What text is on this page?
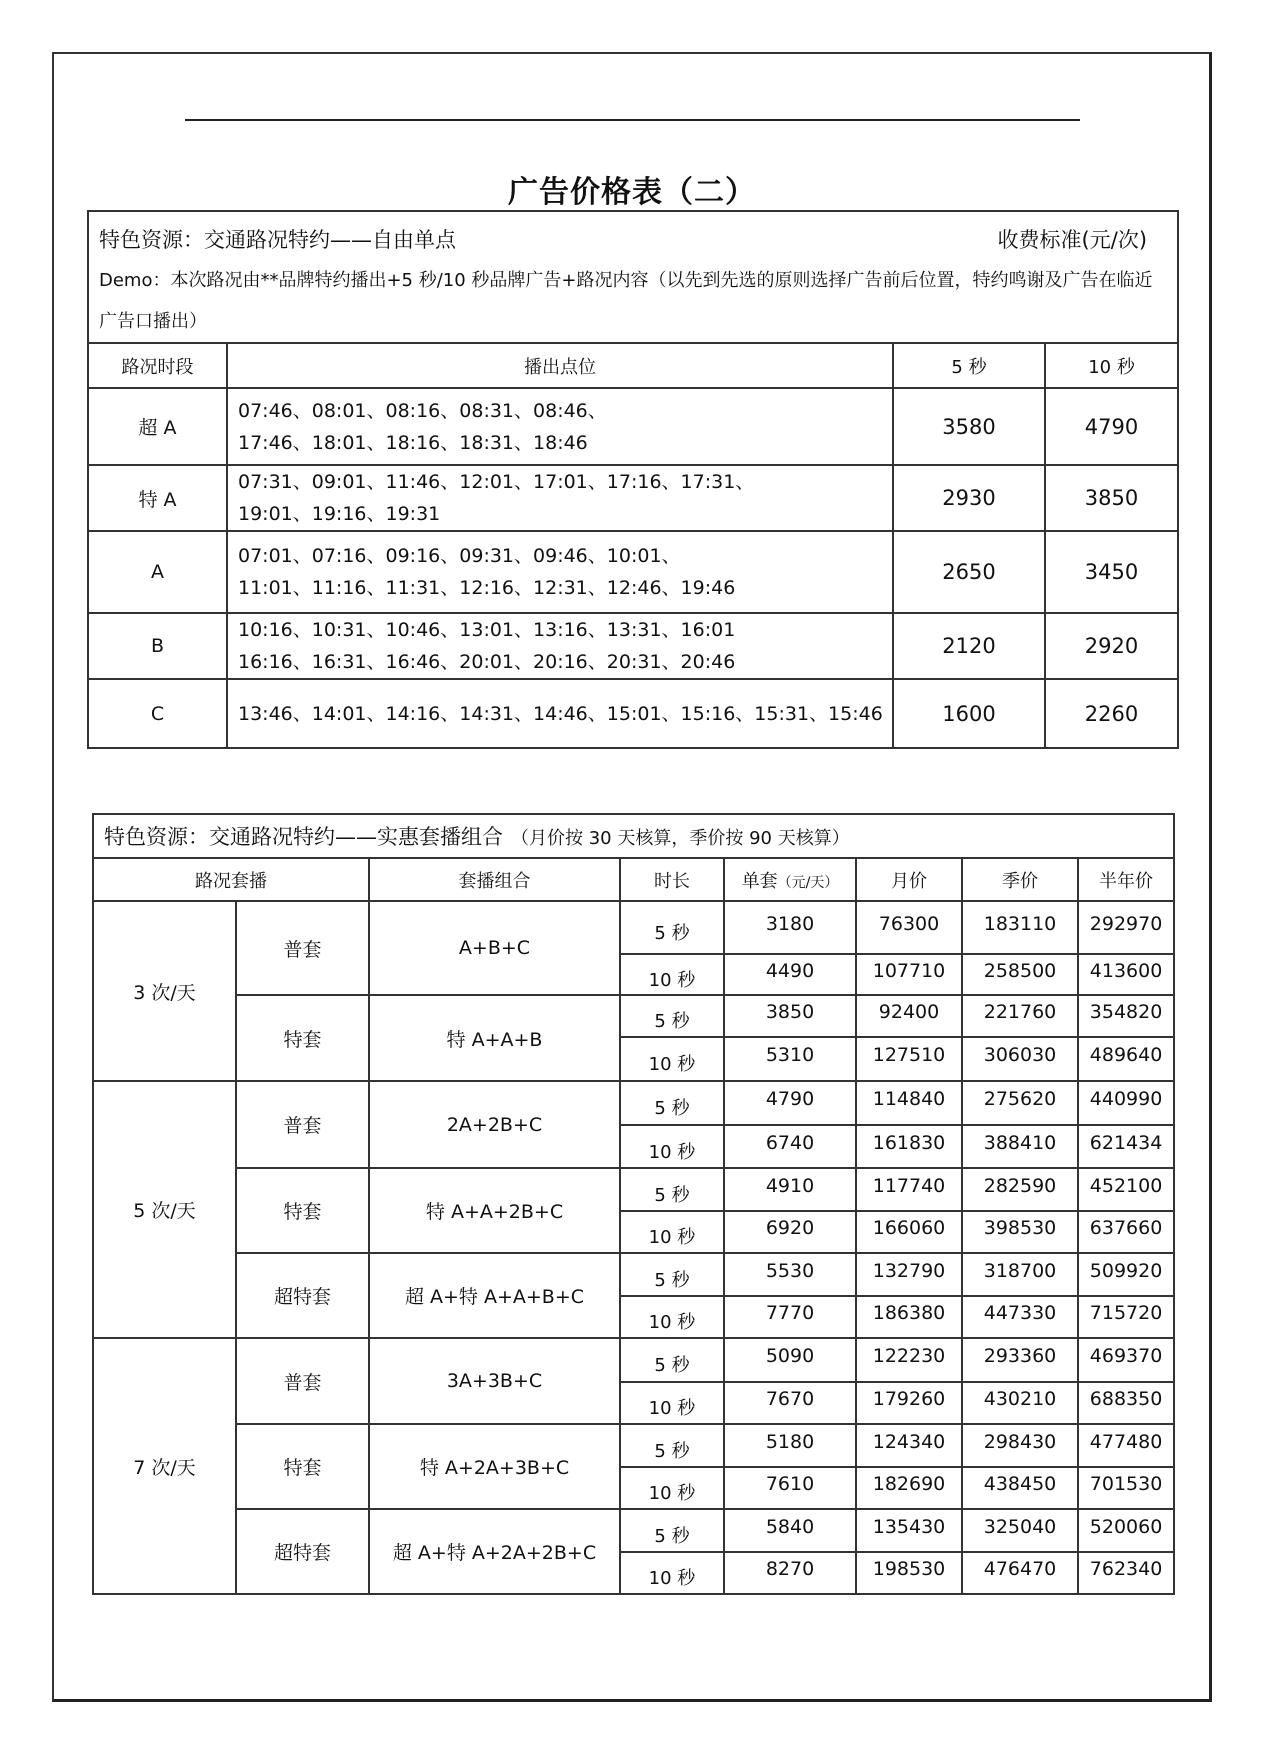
广告价格表（二）
特色资源：交通路况特约——自由单点 收费标准(元/次)
Demo：本次路况由**品牌特约播出+5 秒/10 秒品牌广告+路况内容（以先到先选的原则选择广告前后位置，特约鸣谢及广告在临近广告口播出）			

路况时段	播出点位	5 秒	10 秒
超 A	07:46、08:01、08:16、08:31、08:46、
17:46、18:01、18:16、18:31、18:46	3580	4790
特 A	07:31、09:01、11:46、12:01、17:01、17:16、17:31、
19:01、19:16、19:31	2930	3850
A	07:01、07:16、09:16、09:31、09:46、10:01、
11:01、11:16、11:31、12:16、12:31、12:46、19:46	2650	3450
B	10:16、10:31、10:46、13:01、13:16、13:31、16:01
16:16、16:31、16:46、20:01、20:16、20:31、20:46	2120	2920
C	13:46、14:01、14:16、14:31、14:46、15:01、15:16、15:31、15:46	1600	2260
特色资源：交通路况特约——实惠套播组合 （月价按 30 天核算，季价按 90 天核算）							
路况套播		套播组合	时长	单套（元/天）	月价	季价	半年价
3 次/天	普套	A+B+C	5 秒	3180	76300	183110	292970
			10 秒	4490	107710	258500	413600
	特套	特 A+A+B	5 秒	3850	92400	221760	354820
			10 秒	5310	127510	306030	489640
5 次/天	普套	2A+2B+C	5 秒	4790	114840	275620	440990
			10 秒	6740	161830	388410	621434
	特套	特 A+A+2B+C	5 秒	4910	117740	282590	452100
			10 秒	6920	166060	398530	637660
	超特套	超 A+特 A+A+B+C	5 秒	5530	132790	318700	509920
			10 秒	7770	186380	447330	715720
7 次/天	普套	3A+3B+C	5 秒	5090	122230	293360	469370
			10 秒	7670	179260	430210	688350
	特套	特 A+2A+3B+C	5 秒	5180	124340	298430	477480
			10 秒	7610	182690	438450	701530
	超特套	超 A+特 A+2A+2B+C	5 秒	5840	135430	325040	520060
			10 秒	8270	198530	476470	762340
